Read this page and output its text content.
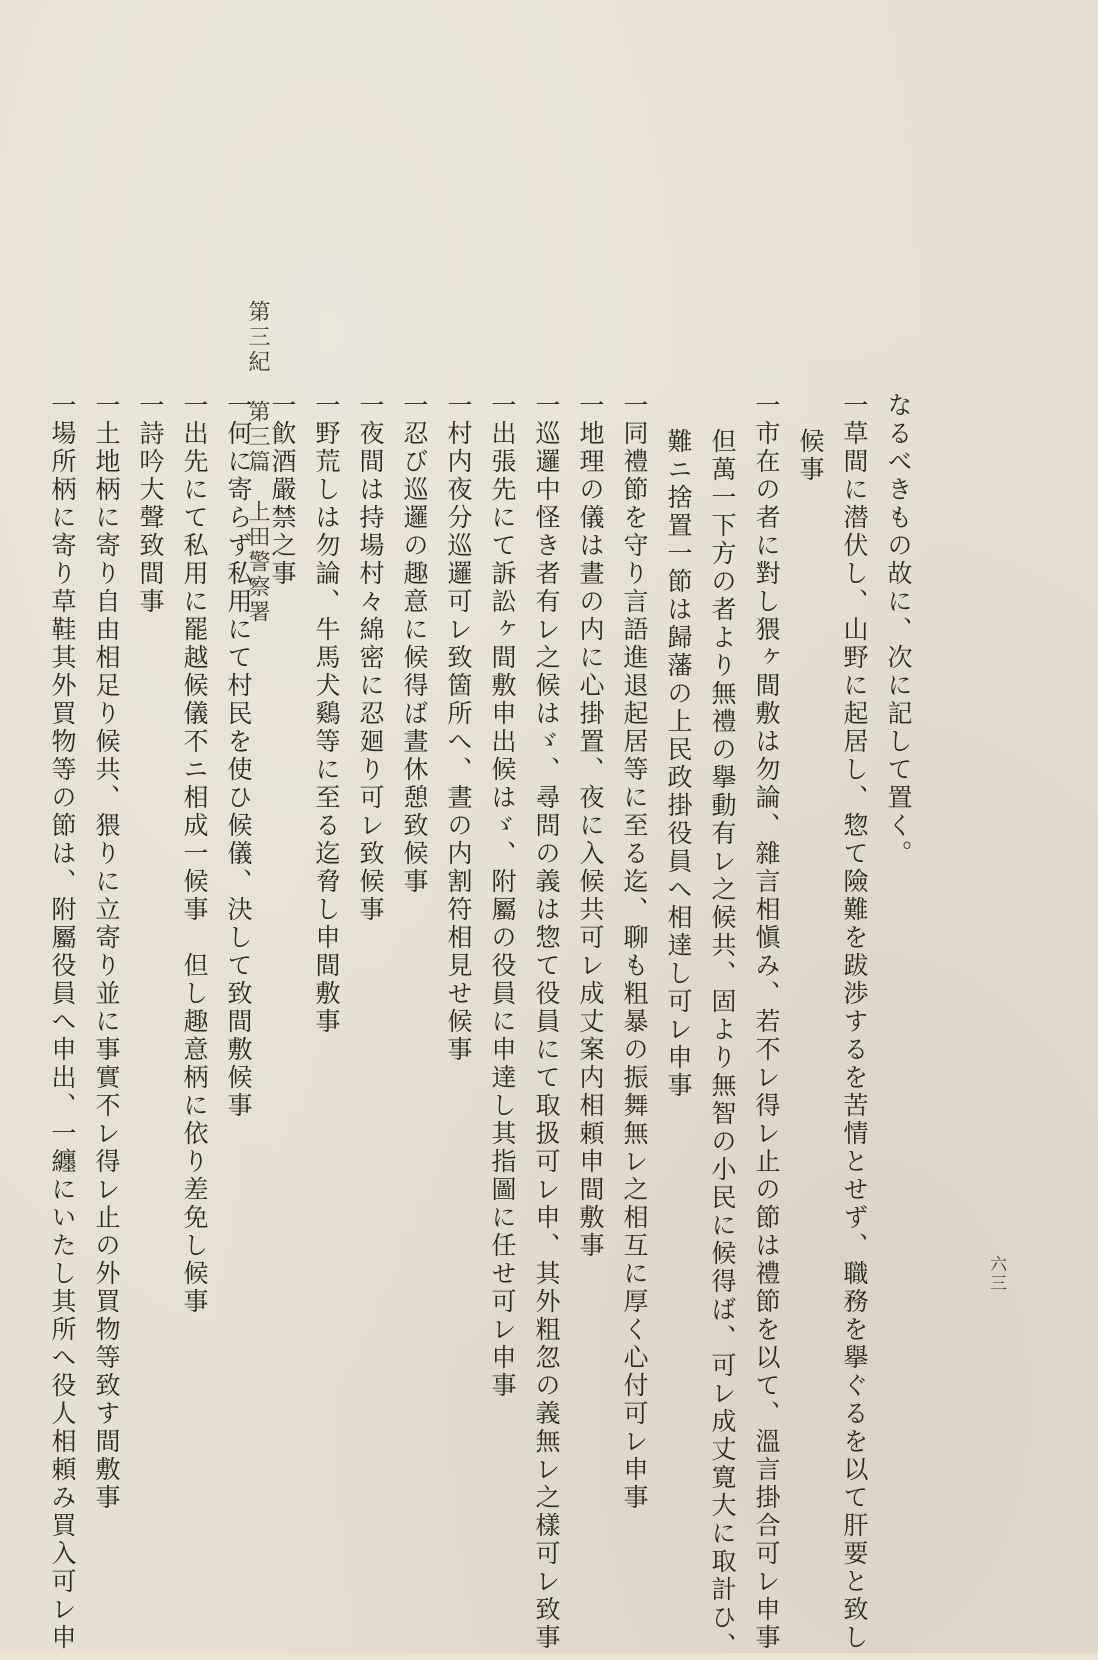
第三紀　第三篇　上田警察署
六三
なるべきもの故に、次に記して置く。
一草間に潜伏し、山野に起居し、惣て險難を跋渉するを苦情とせず、職務を擧ぐるを以て肝要と致し
候事
一市在の者に對し猥ヶ間敷は勿論、雜言相愼み、若不レ得レ止の節は禮節を以て、溫言掛合可レ申事
但萬一下方の者より無禮の擧動有レ之候共、固より無智の小民に候得ば、可レ成丈寛大に取計ひ、
難ニ捨置一節は歸藩の上民政掛役員へ相達し可レ申事
一同禮節を守り言語進退起居等に至る迄、聊も粗暴の振舞無レ之相互に厚く心付可レ申事
一地理の儀は晝の内に心掛置、夜に入候共可レ成丈案内相頼申間敷事
一巡邏中怪き者有レ之候はゞ、尋問の義は惣て役員にて取扱可レ申、其外粗忽の義無レ之樣可レ致事
一出張先にて訴訟ヶ間敷申出候はゞ、附屬の役員に申達し其指圖に任せ可レ申事
一村内夜分巡邏可レ致箇所へ、晝の内割符相見せ候事
一忍び巡邏の趣意に候得ば晝休憩致候事
一夜間は持場村々綿密に忍廻り可レ致候事
一野荒しは勿論、牛馬犬鷄等に至る迄脅し申間敷事
一飮酒嚴禁之事
一何に寄らず私用にて村民を使ひ候儀、決して致間敷候事
一出先にて私用に罷越候儀不ニ相成一候事　但し趣意柄に依り差免し候事
一詩吟大聲致間事
一土地柄に寄り自由相足り候共、猥りに立寄り並に事實不レ得レ止の外買物等致す間敷事
一場所柄に寄り草鞋其外買物等の節は、附屬役員へ申出、一纏にいたし其所へ役人相頼み買入可レ申
